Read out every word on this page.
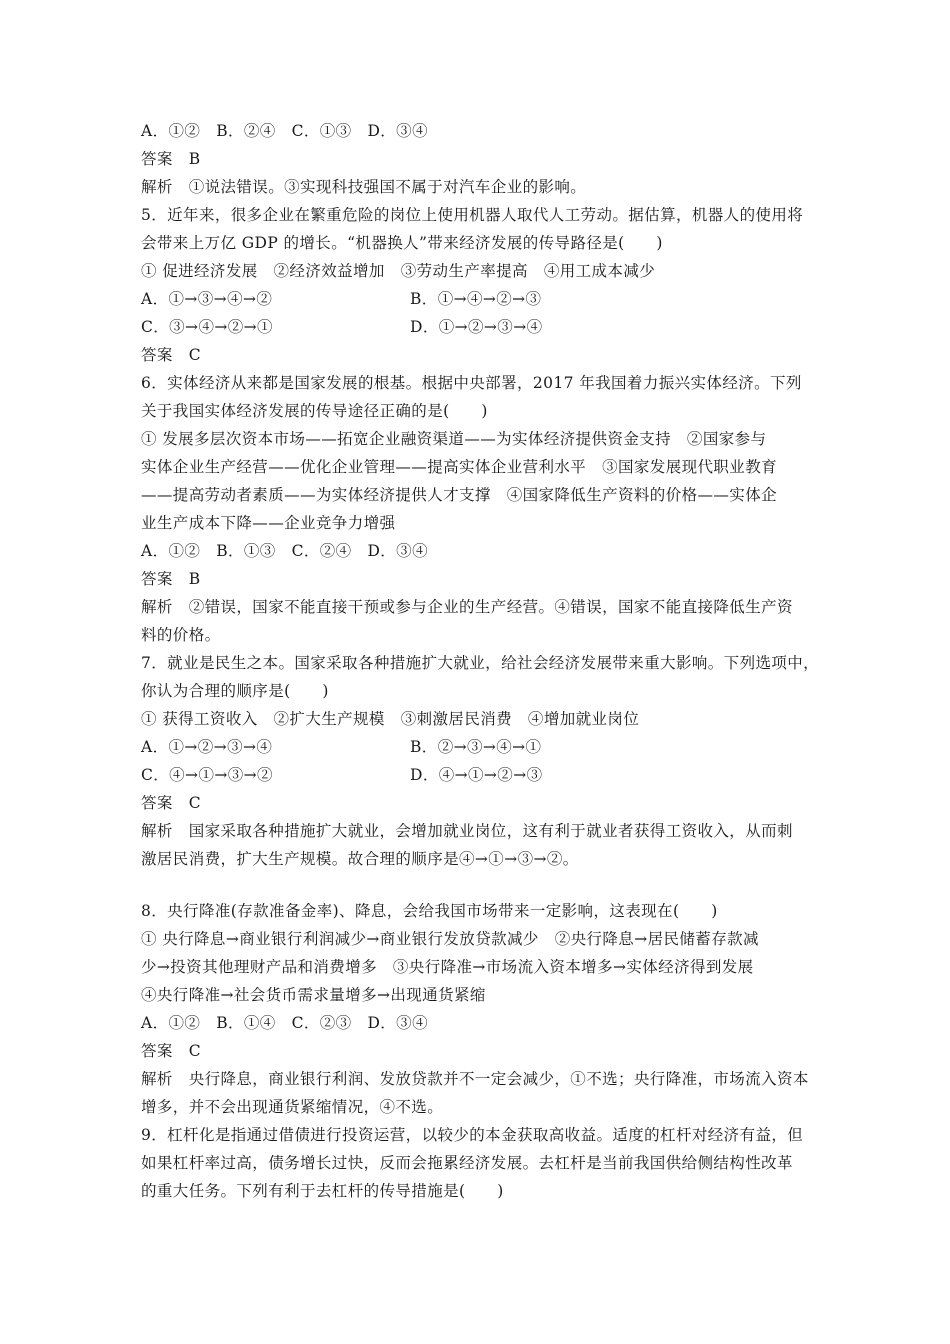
A．①②　B．②④　C．①③　D．③④
答案　B
解析　①说法错误。③实现科技强国不属于对汽车企业的影响。
5．近年来，很多企业在繁重危险的岗位上使用机器人取代人工劳动。据估算，机器人的使用将
会带来上万亿 GDP 的增长。“机器换人”带来经济发展的传导路径是(　　)
① 促进经济发展　②经济效益增加　③劳动生产率提高　④用工成本减少
A．①→③→④→②	B．①→④→②→③
C．③→④→②→①	D．①→②→③→④
答案　C
6．实体经济从来都是国家发展的根基。根据中央部署，2017 年我国着力振兴实体经济。下列
关于我国实体经济发展的传导途径正确的是(　　)
① 发展多层次资本市场——拓宽企业融资渠道——为实体经济提供资金支持　②国家参与
实体企业生产经营——优化企业管理——提高实体企业营利水平　③国家发展现代职业教育
——提高劳动者素质——为实体经济提供人才支撑　④国家降低生产资料的价格——实体企
业生产成本下降——企业竞争力增强
A．①②　B．①③　C．②④　D．③④
答案　B
解析　②错误，国家不能直接干预或参与企业的生产经营。④错误，国家不能直接降低生产资
料的价格。
7．就业是民生之本。国家采取各种措施扩大就业，给社会经济发展带来重大影响。下列选项中，
你认为合理的顺序是(　　)
① 获得工资收入　②扩大生产规模　③刺激居民消费　④增加就业岗位
A．①→②→③→④	B．②→③→④→①
C．④→①→③→②	D．④→①→②→③
答案　C
解析　国家采取各种措施扩大就业，会增加就业岗位，这有利于就业者获得工资收入，从而刺
激居民消费，扩大生产规模。故合理的顺序是④→①→③→②。
8．央行降准(存款准备金率)、降息，会给我国市场带来一定影响，这表现在(　　)
① 央行降息→商业银行利润减少→商业银行发放贷款减少　②央行降息→居民储蓄存款减
少→投资其他理财产品和消费增多　③央行降准→市场流入资本增多→实体经济得到发展
④央行降准→社会货币需求量增多→出现通货紧缩
A．①②　B．①④　C．②③　D．③④
答案　C
解析　央行降息，商业银行利润、发放贷款并不一定会减少，①不选；央行降准，市场流入资本
增多，并不会出现通货紧缩情况，④不选。
9．杠杆化是指通过借债进行投资运营，以较少的本金获取高收益。适度的杠杆对经济有益，但
如果杠杆率过高，债务增长过快，反而会拖累经济发展。去杠杆是当前我国供给侧结构性改革
的重大任务。下列有利于去杠杆的传导措施是(　　)
